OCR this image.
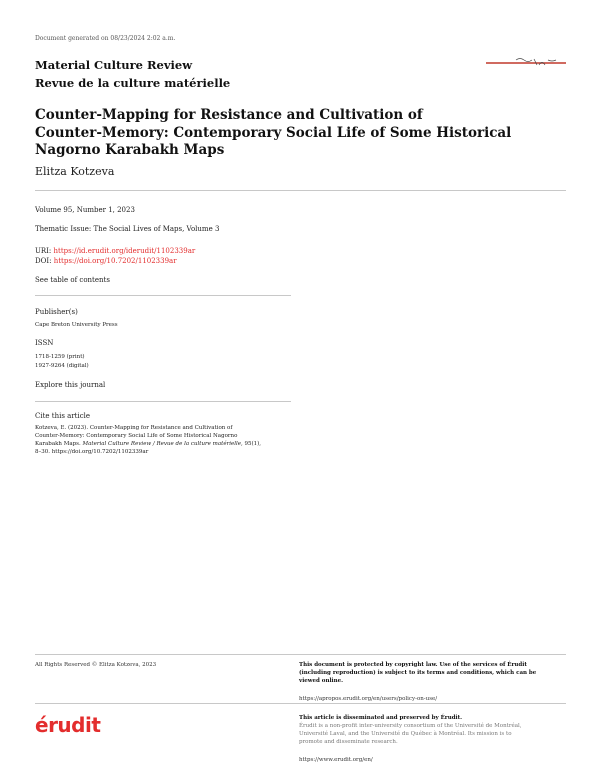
Document generated on 08/23/2024 2:02 a.m.
Material Culture Review
Revue de la culture matérielle
Counter-Mapping for Resistance and Cultivation of
Counter-Memory: Contemporary Social Life of Some Historical
Nagorno Karabakh Maps
Elitza Kotzeva
Volume 95, Number 1, 2023
Thematic Issue: The Social Lives of Maps, Volume 3
URI: https://id.erudit.org/iderudit/1102339ar
DOI: https://doi.org/10.7202/1102339ar
See table of contents
Publisher(s)
Cape Breton University Press
ISSN
1718-1259 (print)
1927-9264 (digital)
Explore this journal
Cite this article
Kotzeva, E. (2023). Counter-Mapping for Resistance and Cultivation of
Counter-Memory: Contemporary Social Life of Some Historical Nagorno
Karabakh Maps. Material Culture Review / Revue de la culture matérielle, 95(1),
8–30. https://doi.org/10.7202/1102339ar
All Rights Reserved © Elitza Kotzeva, 2023	This document is protected by copyright law. Use of the services of Érudit
(including reproduction) is subject to its terms and conditions, which can be
viewed online.
https://apropos.erudit.org/en/users/policy-on-use/
érudit	This article is disseminated and preserved by Érudit.
Érudit is a non-profit inter-university consortium of the Université de Montréal,
Université Laval, and the Université du Québec à Montréal. Its mission is to
promote and disseminate research.
https://www.erudit.org/en/
